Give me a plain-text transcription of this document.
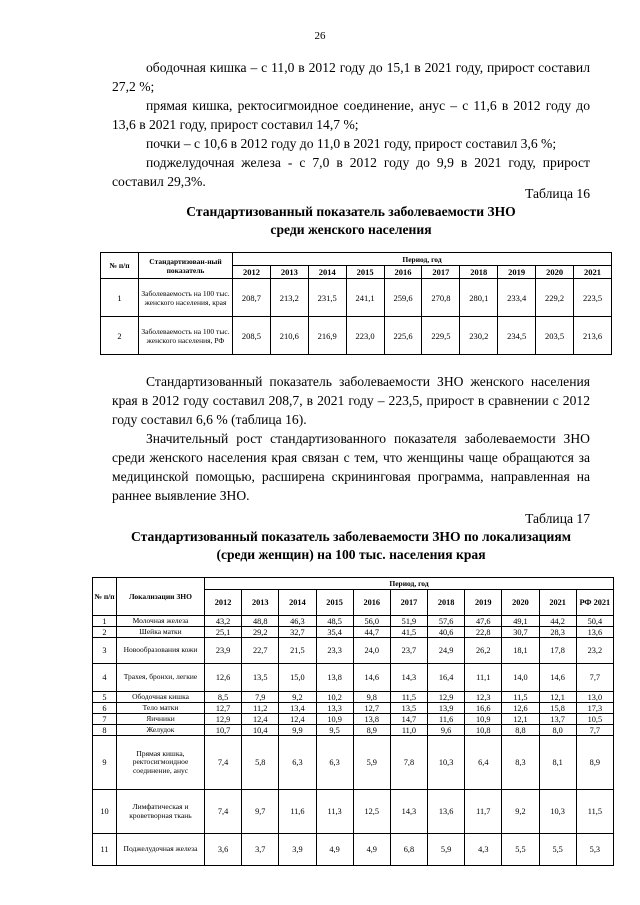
26
ободочная кишка – с 11,0 в 2012 году до 15,1 в 2021 году, прирост составил 27,2 %;
прямая кишка, ректосигмоидное соединение, анус – с 11,6 в 2012 году до 13,6 в 2021 году, прирост составил 14,7 %;
почки – с 10,6 в 2012 году до 11,0 в 2021 году, прирост составил 3,6 %;
поджелудочная железа - с 7,0 в 2012 году до 9,9 в 2021 году, прирост составил 29,3%.
Таблица 16
Стандартизованный показатель заболеваемости ЗНО
среди женского населения
№ п/п	Стандартизован-ный показатель	Период, год									
		2012	2013	2014	2015	2016	2017	2018	2019	2020	2021
1	Заболеваемость на 100 тыс. женского населения, края	208,7	213,2	231,5	241,1	259,6	270,8	280,1	233,4	229,2	223,5
2	Заболеваемость на 100 тыс. женского населения, РФ	208,5	210,6	216,9	223,0	225,6	229,5	230,2	234,5	203,5	213,6
Стандартизованный показатель заболеваемости ЗНО женского населения края в 2012 году составил 208,7, в 2021 году – 223,5, прирост в сравнении с 2012 году составил 6,6 % (таблица 16).
Значительный рост стандартизованного показателя заболеваемости ЗНО среди женского населения края связан с тем, что женщины чаще обращаются за медицинской помощью, расширена скрининговая программа, направленная на раннее выявление ЗНО.
Таблица 17
Стандартизованный показатель заболеваемости ЗНО по локализациям
(среди женщин) на 100 тыс. населения края
№ п/п	Локализации ЗНО	Период, год										
		2012	2013	2014	2015	2016	2017	2018	2019	2020	2021	РФ 2021
1	Молочная железа	43,2	48,8	46,3	48,5	56,0	51,9	57,6	47,6	49,1	44,2	50,4
2	Шейка матки	25,1	29,2	32,7	35,4	44,7	41,5	40,6	22,8	30,7	28,3	13,6
3	Новообразования кожи	23,9	22,7	21,5	23,3	24,0	23,7	24,9	26,2	18,1	17,8	23,2
4	Трахея, бронхи, легкие	12,6	13,5	15,0	13,8	14,6	14,3	16,4	11,1	14,0	14,6	7,7
5	Ободочная кишка	8,5	7,9	9,2	10,2	9,8	11,5	12,9	12,3	11,5	12,1	13,0
6	Тело матки	12,7	11,2	13,4	13,3	12,7	13,5	13,9	16,6	12,6	15,8	17,3
7	Яичники	12,9	12,4	12,4	10,9	13,8	14,7	11,6	10,9	12,1	13,7	10,5
8	Желудок	10,7	10,4	9,9	9,5	8,9	11,0	9,6	10,8	8,8	8,0	7,7
9	Прямая кишка, ректосигмоидное соединение, анус	7,4	5,8	6,3	6,3	5,9	7,8	10,3	6,4	8,3	8,1	8,9
10	Лимфатическая и кроветворная ткань	7,4	9,7	11,6	11,3	12,5	14,3	13,6	11,7	9,2	10,3	11,5
11	Поджелудочная железа	3,6	3,7	3,9	4,9	4,9	6,8	5,9	4,3	5,5	5,5	5,3
